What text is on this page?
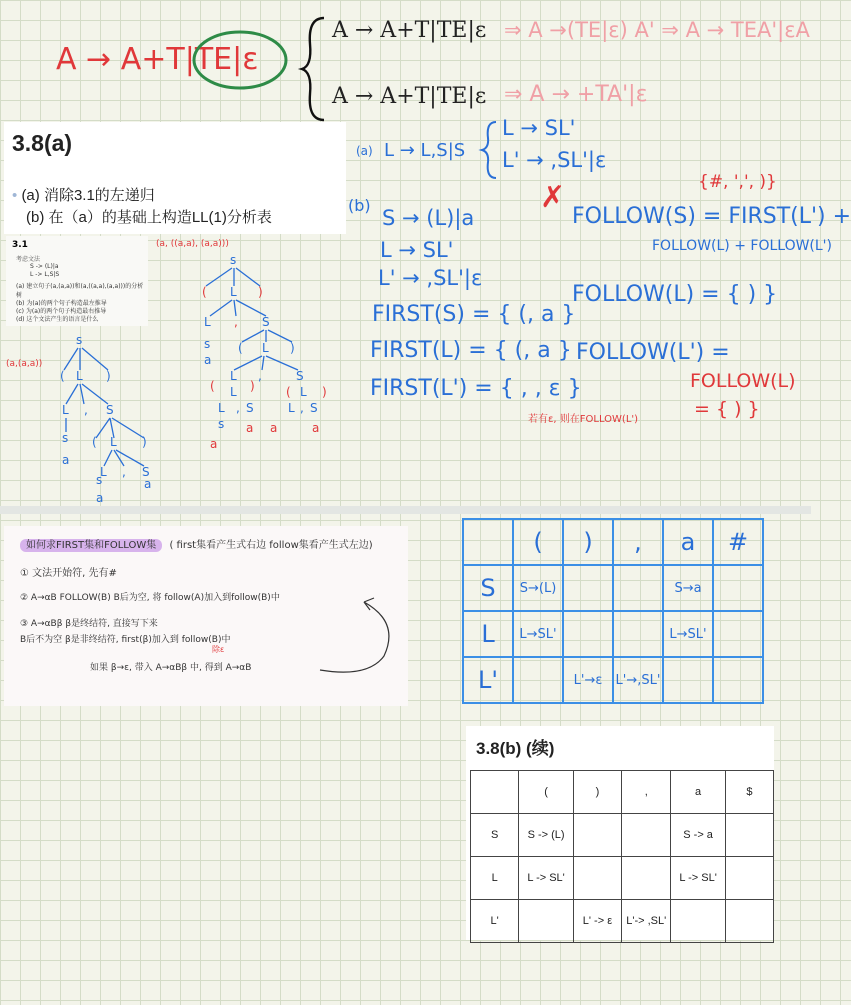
A → A+T|TE|ε
A → A+T|TE|ε
A → A+T|TE|ε
⇒ A →(TE|ε) A' ⇒ A → TEA'|εA
⇒ A → +TA'|ε
3.8(a)
• (a) 消除3.1的左递归
(b) 在（a）的基础上构造LL(1)分析表
3.1
考虑文法
S -> (L)|a
L -> L,S|S
(a) 建立句子(a,(a,a))和(a,((a,a),(a,a)))的分析树
(b) 为(a)的两个句子构造最左推导
(c) 为(a)的两个句子构造最右推导
(d) 这个文法产生的语言是什么
(a,(a,a))
s
( L )
L , S
s ( L )
a
L , S
a
s
a
(a, ((a,a), (a,a)))
s
( L )
L , S
s
a
( L )
L ,	S
( L )	( L )
L , S	L , S
s a a
a
a
(a) L → L,S|S
L → SL'
L' → ,SL'|ε
(b)
S → (L)|a
L → SL'
L' → ,SL'|ε
FIRST(S) = { (, a }
FIRST(L) = { (, a }
FIRST(L') = { , , ε }
若有ε, 则在FOLLOW(L')
✗	{#, ',', )}
FOLLOW(S) = FIRST(L') +
FOLLOW(L) + FOLLOW(L')
FOLLOW(L) = { ) }
FOLLOW(L') =
FOLLOW(L)
= { ) }
如何求FIRST集和FOLLOW集 ( first集看产生式右边 follow集看产生式左边)
① 文法开始符, 先有#
② A→αB FOLLOW(B) B后为空, 将 follow(A)加入到follow(B)中
③ A→αBβ β是终结符, 直接写下来
B后不为空 β是非终结符, first(β)加入到 follow(B)中
除ε
如果 β→ε, 带入 A→αBβ 中, 得到 A→αB
	(	)	,	a	#
S	S→(L)			S→a	
L	L→SL'			L→SL'	
L'		L'→ε	L'→,SL'		
3.8(b) (续)
	(	)	,	a	$
S	S -> (L)			S -> a	
L	L -> SL'			L -> SL'	
L'		L' -> ε	L'-> ,SL'		
